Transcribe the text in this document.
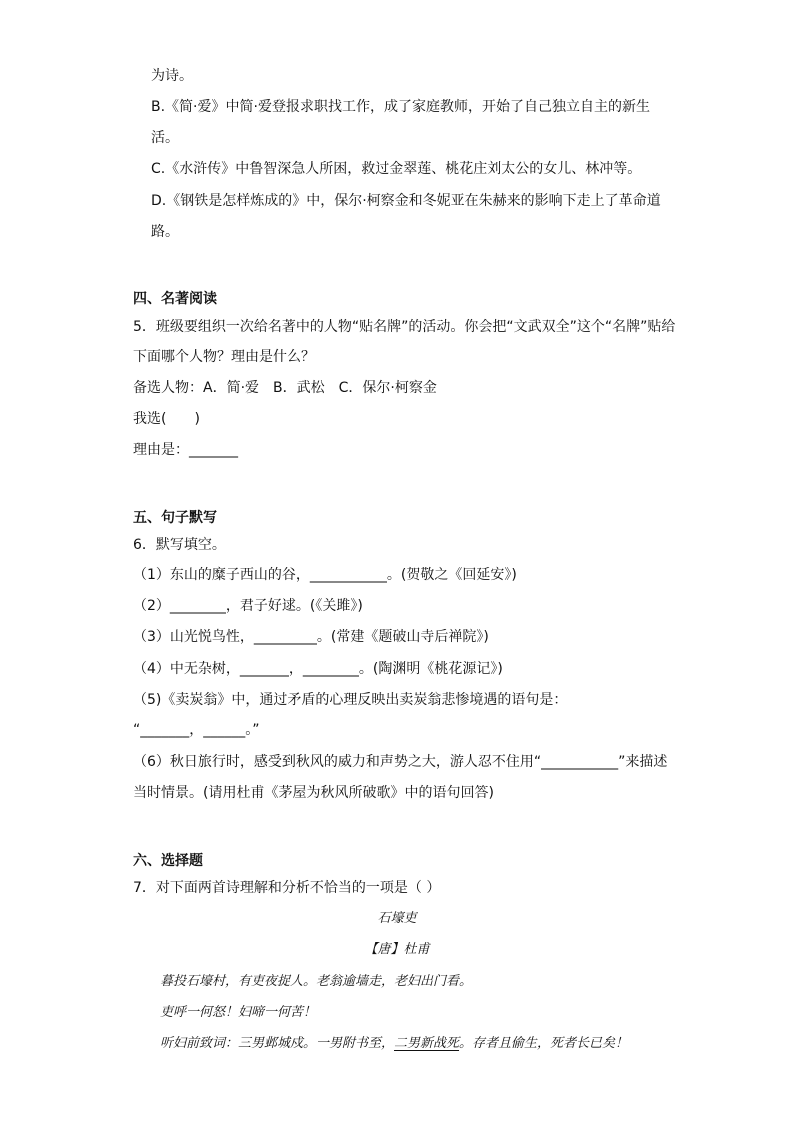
为诗。
B.《简·爱》中简·爱登报求职找工作，成了家庭教师，开始了自己独立自主的新生
活。
C.《水浒传》中鲁智深急人所困，救过金翠莲、桃花庄刘太公的女儿、林冲等。
D.《钢铁是怎样炼成的》中，保尔·柯察金和冬妮亚在朱赫来的影响下走上了革命道
路。
四、名著阅读
5．班级要组织一次给名著中的人物“贴名牌”的活动。你会把“文武双全”这个“名牌”贴给
下面哪个人物？理由是什么？
备选人物：A．简·爱　B．武松　C．保尔·柯察金
我选(　　)
理由是：_______
五、句子默写
6．默写填空。
（1）东山的糜子西山的谷，___________。(贺敬之《回延安》)
（2）________，君子好逑。(《关雎》)
（3）山光悦鸟性，_________。(常建《题破山寺后禅院》)
（4）中无杂树，_______，________。(陶渊明《桃花源记》)
（5)《卖炭翁》中，通过矛盾的心理反映出卖炭翁悲惨境遇的语句是：
“_______，______。”
（6）秋日旅行时，感受到秋风的威力和声势之大，游人忍不住用“___________”来描述
当时情景。(请用杜甫《茅屋为秋风所破歌》中的语句回答)
六、选择题
7．对下面两首诗理解和分析不恰当的一项是（ ）
石壕吏
【唐】杜甫
暮投石壕村，有吏夜捉人。老翁逾墙走，老妇出门看。
吏呼一何怒！妇啼一何苦！
听妇前致词：三男邺城戍。一男附书至，二男新战死。存者且偷生，死者长已矣！
